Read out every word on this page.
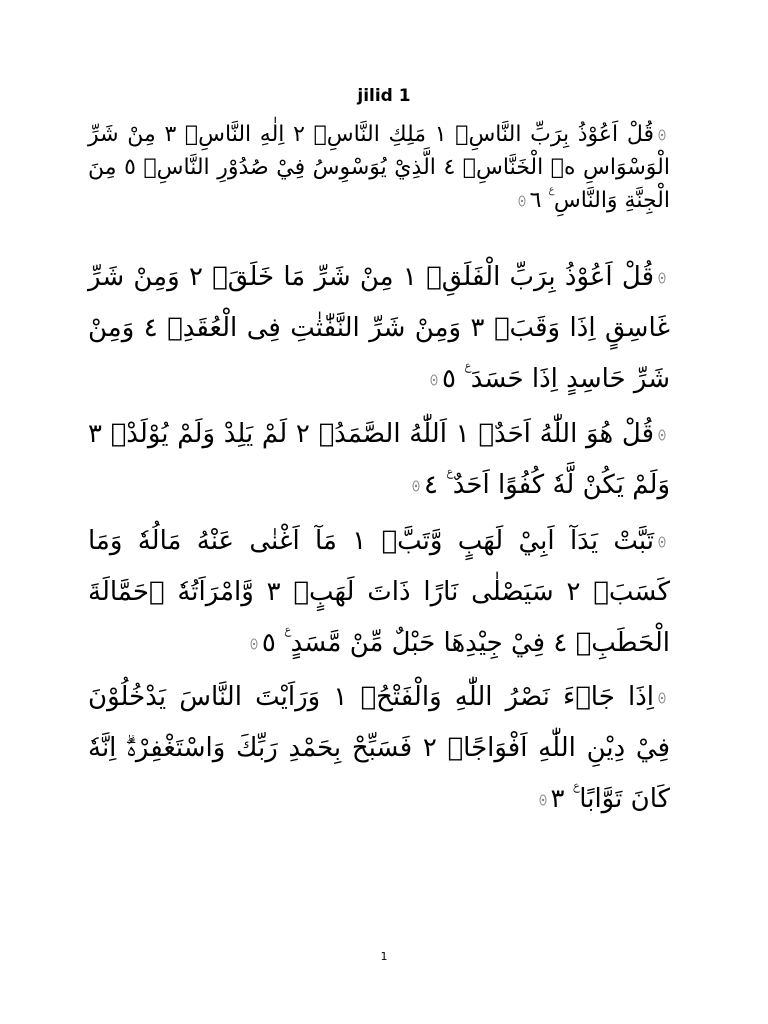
jilid 1
قُلْ اَعُوْذُ بِرَبِّ النَّاسِۙ ١ مَلِكِ النَّاسِۙ ٢ اِلٰهِ النَّاسِۙ ٣ مِنْ شَرِّ الْوَسْوَاسِ ەۙ الْخَنَّاسِۖ ٤ الَّذِيْ يُوَسْوِسُ فِيْ صُدُوْرِ النَّاسِۙ ٥ مِنَ الْجِنَّةِ وَالنَّاسِ ࣖ ٦
قُلْ اَعُوْذُ بِرَبِّ الْفَلَقِۙ ١ مِنْ شَرِّ مَا خَلَقَۙ ٢ وَمِنْ شَرِّ غَاسِقٍ اِذَا وَقَبَۙ ٣ وَمِنْ شَرِّ النَّفّٰثٰتِ فِى الْعُقَدِۙ ٤ وَمِنْ شَرِّ حَاسِدٍ اِذَا حَسَدَ ࣖ ٥
قُلْ هُوَ اللّٰهُ اَحَدٌۚ ١ اَللّٰهُ الصَّمَدُۚ ٢ لَمْ يَلِدْ وَلَمْ يُوْلَدْۙ ٣ وَلَمْ يَكُنْ لَّهٗ كُفُوًا اَحَدٌ ࣖ ٤
تَبَّتْ يَدَآ اَبِيْ لَهَبٍ وَّتَبَّۗ ١ مَآ اَغْنٰى عَنْهُ مَالُهٗ وَمَا كَسَبَۗ ٢ سَيَصْلٰى نَارًا ذَاتَ لَهَبٍۙ ٣ وَّامْرَاَتُهٗ ۗحَمَّالَةَ الْحَطَبِۚ ٤ فِيْ جِيْدِهَا حَبْلٌ مِّنْ مَّسَدٍ ࣖ ٥
اِذَا جَاۤءَ نَصْرُ اللّٰهِ وَالْفَتْحُۙ ١ وَرَاَيْتَ النَّاسَ يَدْخُلُوْنَ فِيْ دِيْنِ اللّٰهِ اَفْوَاجًاۙ ٢ فَسَبِّحْ بِحَمْدِ رَبِّكَ وَاسْتَغْفِرْهُۗ اِنَّهٗ كَانَ تَوَّابًا ࣖ ٣
1
